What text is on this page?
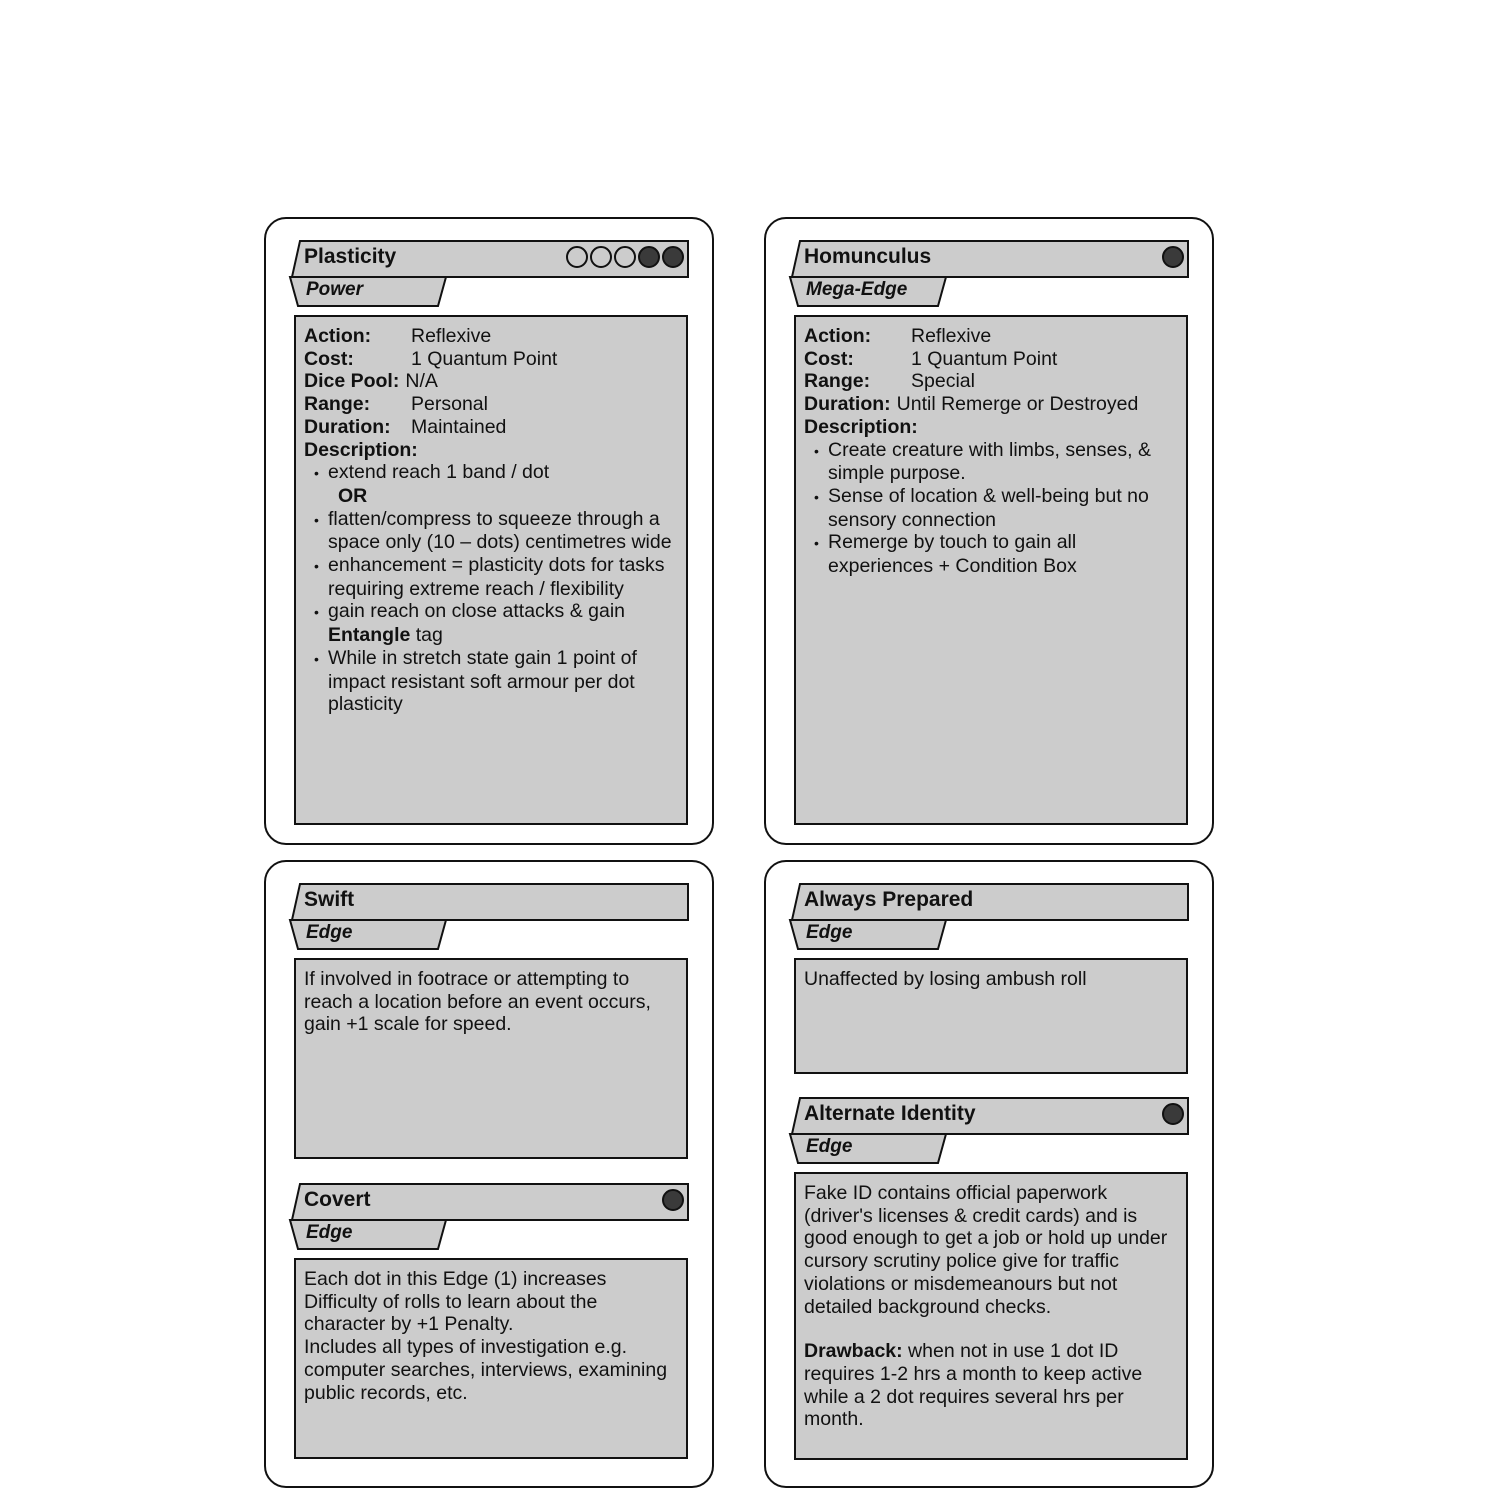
Plasticity
Power
Action:	Reflexive
Cost:	1 Quantum Point
Dice Pool: N/A
Range:	Personal
Duration:	Maintained
Description:
• extend reach 1 band / dot
OR
• flatten/compress to squeeze through a space only (10 – dots) centimetres wide
• enhancement = plasticity dots for tasks requiring extreme reach / flexibility
• gain reach on close attacks & gain Entangle tag
• While in stretch state gain 1 point of impact resistant soft armour per dot plasticity
Homunculus
Mega-Edge
Action:	Reflexive
Cost:	1 Quantum Point
Range:	Special
Duration: Until Remerge or Destroyed
Description:
• Create creature with limbs, senses, & simple purpose.
• Sense of location & well-being but no sensory connection
• Remerge by touch to gain all experiences + Condition Box
Swift
Edge
If involved in footrace or attempting to reach a location before an event occurs, gain +1 scale for speed.
Covert
Edge
Each dot in this Edge (1) increases Difficulty of rolls to learn about the character by +1 Penalty.
Includes all types of investigation e.g. computer searches, interviews, examining public records, etc.
Always Prepared
Edge
Unaffected by losing ambush roll
Alternate Identity
Edge
Fake ID contains official paperwork (driver's licenses & credit cards) and is good enough to get a job or hold up under cursory scrutiny police give for traffic violations or misdemeanours but not detailed background checks.
Drawback: when not in use 1 dot ID requires 1-2 hrs a month to keep active while a 2 dot requires several hrs per month.
